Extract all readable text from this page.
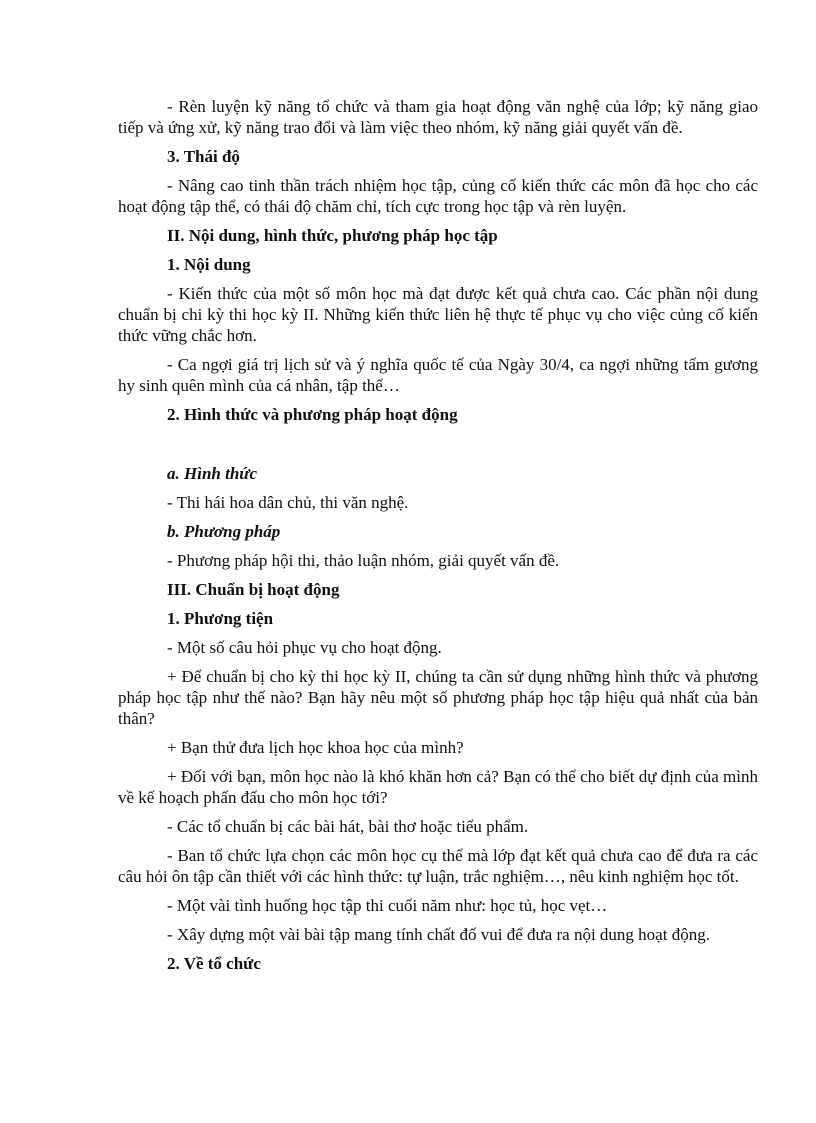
- Rèn luyện kỹ năng tổ chức và tham gia hoạt động văn nghệ của lớp; kỹ năng giao tiếp và ứng xử, kỹ năng trao đổi và làm việc theo nhóm, kỹ năng giải quyết vấn đề.

3. Thái độ

- Nâng cao tinh thần trách nhiệm học tập, củng cố kiến thức các môn đã học cho các hoạt động tập thể, có thái độ chăm chỉ, tích cực trong học tập và rèn luyện.

II. Nội dung, hình thức, phương pháp học tập

1. Nội dung

- Kiến thức của một số môn học mà đạt được kết quả chưa cao. Các phần nội dung chuẩn bị chi kỳ thi học kỳ II. Những kiến thức liên hệ thực tế phục vụ cho việc củng cố kiến thức vững chắc hơn.

- Ca ngợi giá trị lịch sử và ý nghĩa quốc tế của Ngày 30/4, ca ngợi những tấm gương hy sinh quên mình của cá nhân, tập thể…

2. Hình thức và phương pháp hoạt động

a. Hình thức

- Thi hái hoa dân chủ, thi văn nghệ.

b. Phương pháp

- Phương pháp hội thi, thảo luận nhóm, giải quyết vấn đề.

III. Chuẩn bị hoạt động

1. Phương tiện

- Một số câu hỏi phục vụ cho hoạt động.

+ Để chuẩn bị cho kỳ thi học kỳ II, chúng ta cần sử dụng những hình thức và phương pháp học tập như thế nào? Bạn hãy nêu một số phương pháp học tập hiệu quả nhất của bản thân?

+ Bạn thử đưa lịch học khoa học của mình?

+ Đối với bạn, môn học nào là khó khăn hơn cả? Bạn có thể cho biết dự định của mình về kế hoạch phấn đấu cho môn học tới?

- Các tổ chuẩn bị các bài hát, bài thơ hoặc tiểu phẩm.

- Ban tổ chức lựa chọn các môn học cụ thể mà lớp đạt kết quả chưa cao để đưa ra các câu hỏi ôn tập cần thiết với các hình thức: tự luận, trắc nghiệm…, nêu kinh nghiệm học tốt.

- Một vài tình huống học tập thi cuối năm như: học tủ, học vẹt…

- Xây dựng một vài bài tập mang tính chất đố vui để đưa ra nội dung hoạt động.

2. Về tổ chức
